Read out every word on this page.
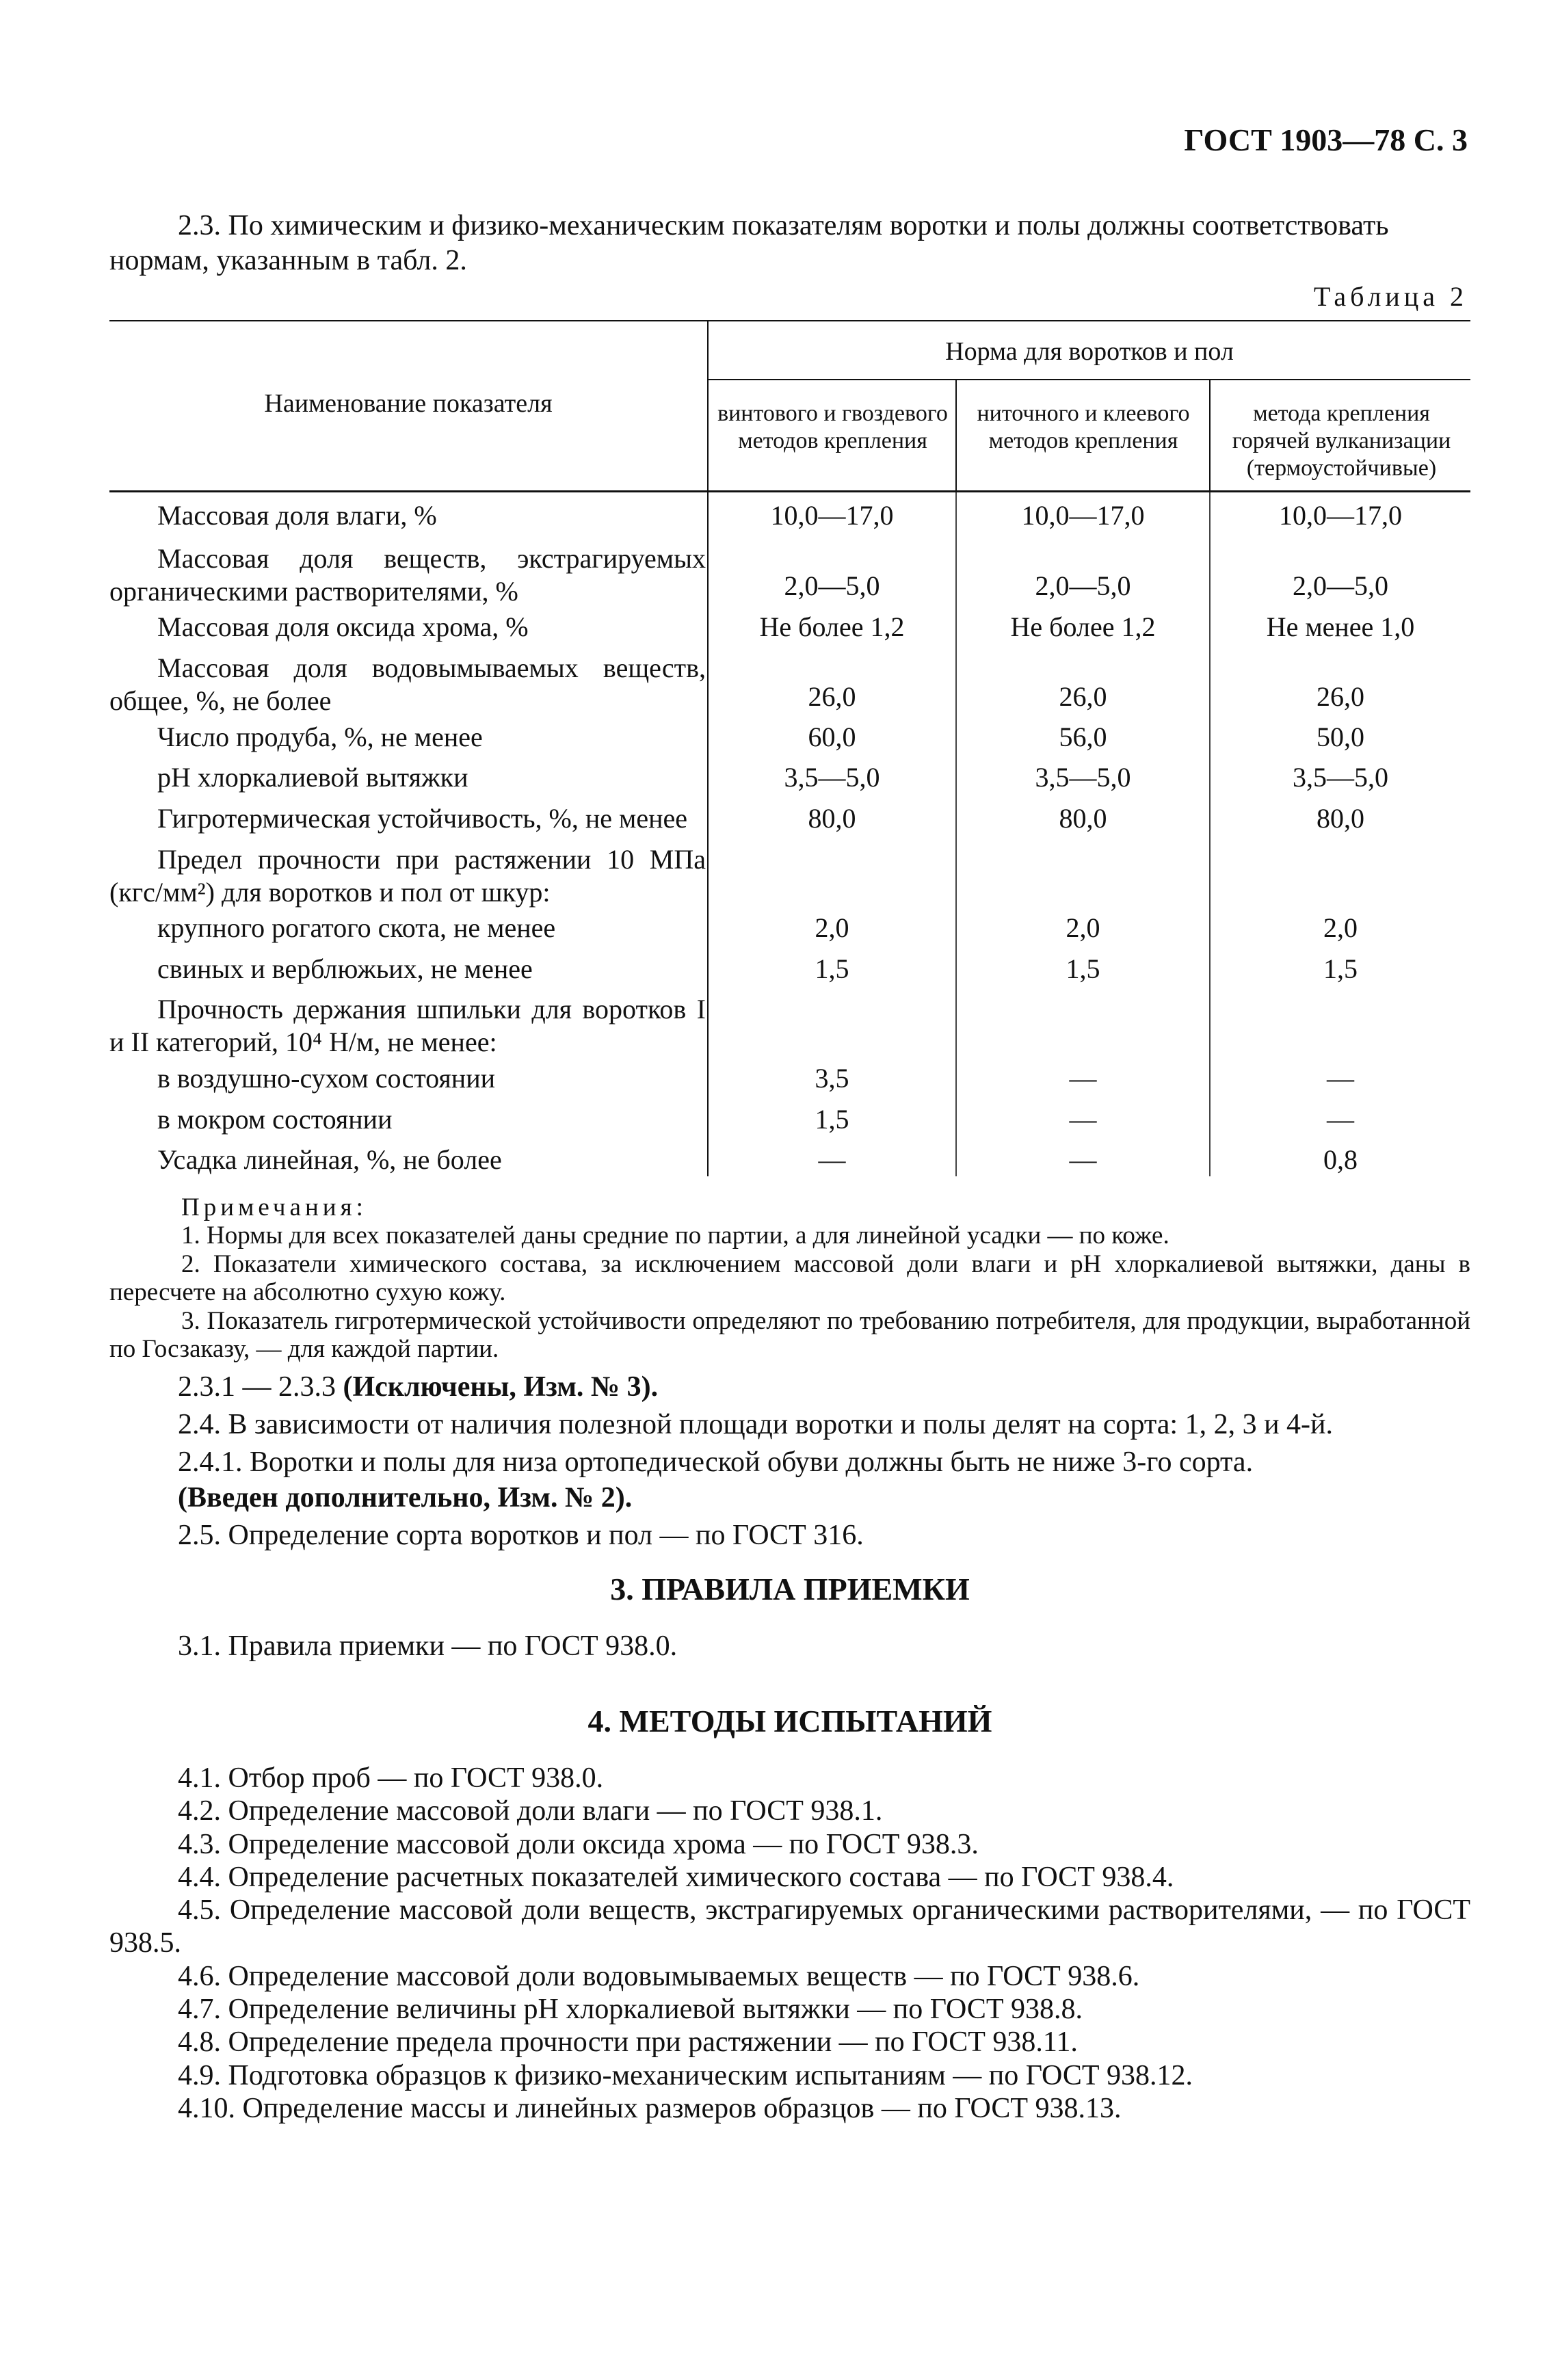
ГОСТ 1903—78 С. 3

2.3. По химическим и физико-механическим показателям воротки и полы должны соответствовать нормам, указанным в табл. 2.

Таблица 2
Наименование показателя
Норма для воротков и пол
винтового и гвоздевого методов крепления
ниточного и клеевого методов крепления
метода крепления горячей вулканизации (термоустойчивые)
Массовая доля влаги, %	10,0—17,0	10,0—17,0	10,0—17,0
Массовая доля веществ, экстрагируемых органическими растворителями, %	2,0—5,0	2,0—5,0	2,0—5,0
Массовая доля оксида хрома, %	Не более 1,2	Не более 1,2	Не менее 1,0
Массовая доля водовымываемых веществ, общее, %, не более	26,0	26,0	26,0
Число продуба, %, не менее	60,0	56,0	50,0
pH хлоркалиевой вытяжки	3,5—5,0	3,5—5,0	3,5—5,0
Гигротермическая устойчивость, %, не менее	80,0	80,0	80,0
Предел прочности при растяжении 10 МПа (кгс/мм²) для воротков и пол от шкур:
крупного рогатого скота, не менее	2,0	2,0	2,0
свиных и верблюжьих, не менее	1,5	1,5	1,5
Прочность держания шпильки для воротков I и II категорий, 10⁴ Н/м, не менее:
в воздушно-сухом состоянии	3,5	—	—
в мокром состоянии	1,5	—	—
Усадка линейная, %, не более	—	—	0,8
Примечания:
1. Нормы для всех показателей даны средние по партии, а для линейной усадки — по коже.
2. Показатели химического состава, за исключением массовой доли влаги и pH хлоркалиевой вытяжки, даны в пересчете на абсолютно сухую кожу.
3. Показатель гигротермической устойчивости определяют по требованию потребителя, для продукции, выработанной по Госзаказу, — для каждой партии.
2.3.1 — 2.3.3 (Исключены, Изм. № 3).
2.4. В зависимости от наличия полезной площади воротки и полы делят на сорта: 1, 2, 3 и 4-й.
2.4.1. Воротки и полы для низа ортопедической обуви должны быть не ниже 3-го сорта.
(Введен дополнительно, Изм. № 2).
2.5. Определение сорта воротков и пол — по ГОСТ 316.
3. ПРАВИЛА ПРИЕМКИ
3.1. Правила приемки — по ГОСТ 938.0.
4. МЕТОДЫ ИСПЫТАНИЙ
4.1. Отбор проб — по ГОСТ 938.0.
4.2. Определение массовой доли влаги — по ГОСТ 938.1.
4.3. Определение массовой доли оксида хрома — по ГОСТ 938.3.
4.4. Определение расчетных показателей химического состава — по ГОСТ 938.4.
4.5. Определение массовой доли веществ, экстрагируемых органическими растворителями, — по ГОСТ 938.5.
4.6. Определение массовой доли водовымываемых веществ — по ГОСТ 938.6.
4.7. Определение величины pH хлоркалиевой вытяжки — по ГОСТ 938.8.
4.8. Определение предела прочности при растяжении — по ГОСТ 938.11.
4.9. Подготовка образцов к физико-механическим испытаниям — по ГОСТ 938.12.
4.10. Определение массы и линейных размеров образцов — по ГОСТ 938.13.
